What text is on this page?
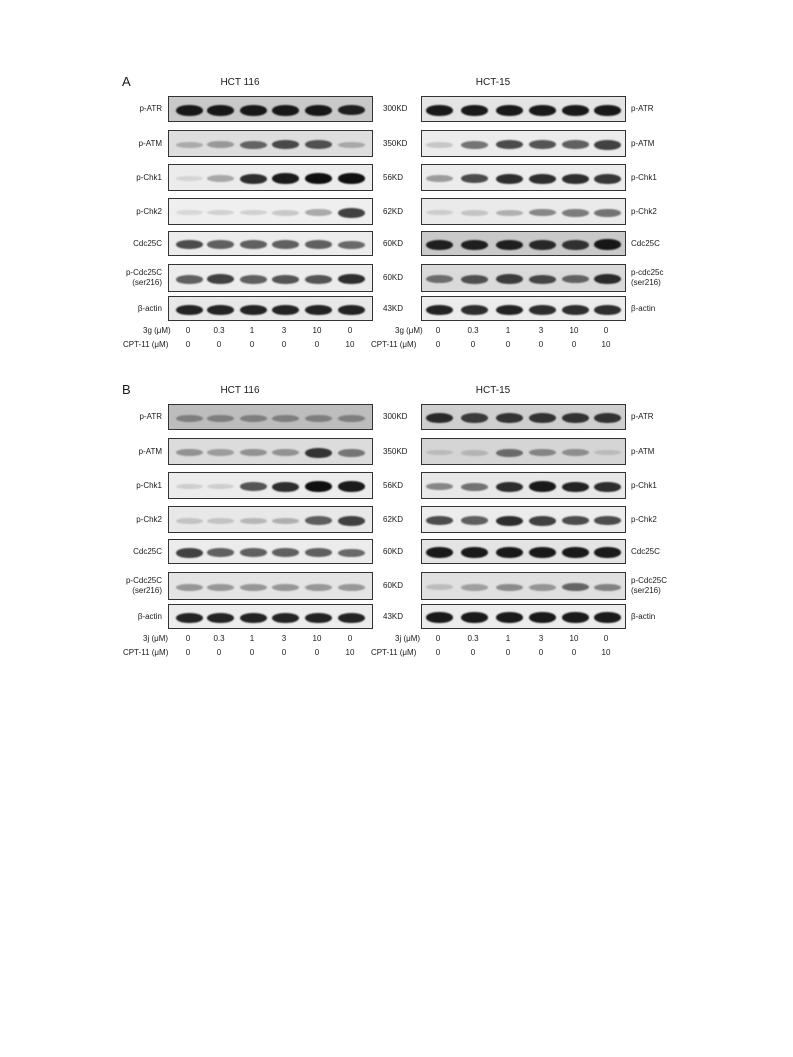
A	HCT 116
p-ATR
p-ATM
p-Chk1
p-Chk2
Cdc25C
p-Cdc25C
(ser216)
β-actin
3g (μM)
CPT-11 (μM)
0
0
0.3
0
1
0
3
0
10
0
0
10
HCT-15
p-ATR
p-ATM
p-Chk1
p-Chk2
Cdc25C
p-cdc25c
(ser216)
β-actin
3g (μM)
CPT-11 (μM)
0
0
0.3
0
1
0
3
0
10
0
0
10
300KD
350KD
56KD
62KD
60KD
60KD
43KD
B	HCT 116
p-ATR
p-ATM
p-Chk1
p-Chk2
Cdc25C
p-Cdc25C
(ser216)
β-actin
3j (μM)
CPT-11 (μM)
0
0
0.3
0
1
0
3
0
10
0
0
10
HCT-15
p-ATR
p-ATM
p-Chk1
p-Chk2
Cdc25C
p-Cdc25C
(ser216)
β-actin
3j (μM)
CPT-11 (μM)
0
0
0.3
0
1
0
3
0
10
0
0
10
300KD
350KD
56KD
62KD
60KD
60KD
43KD
